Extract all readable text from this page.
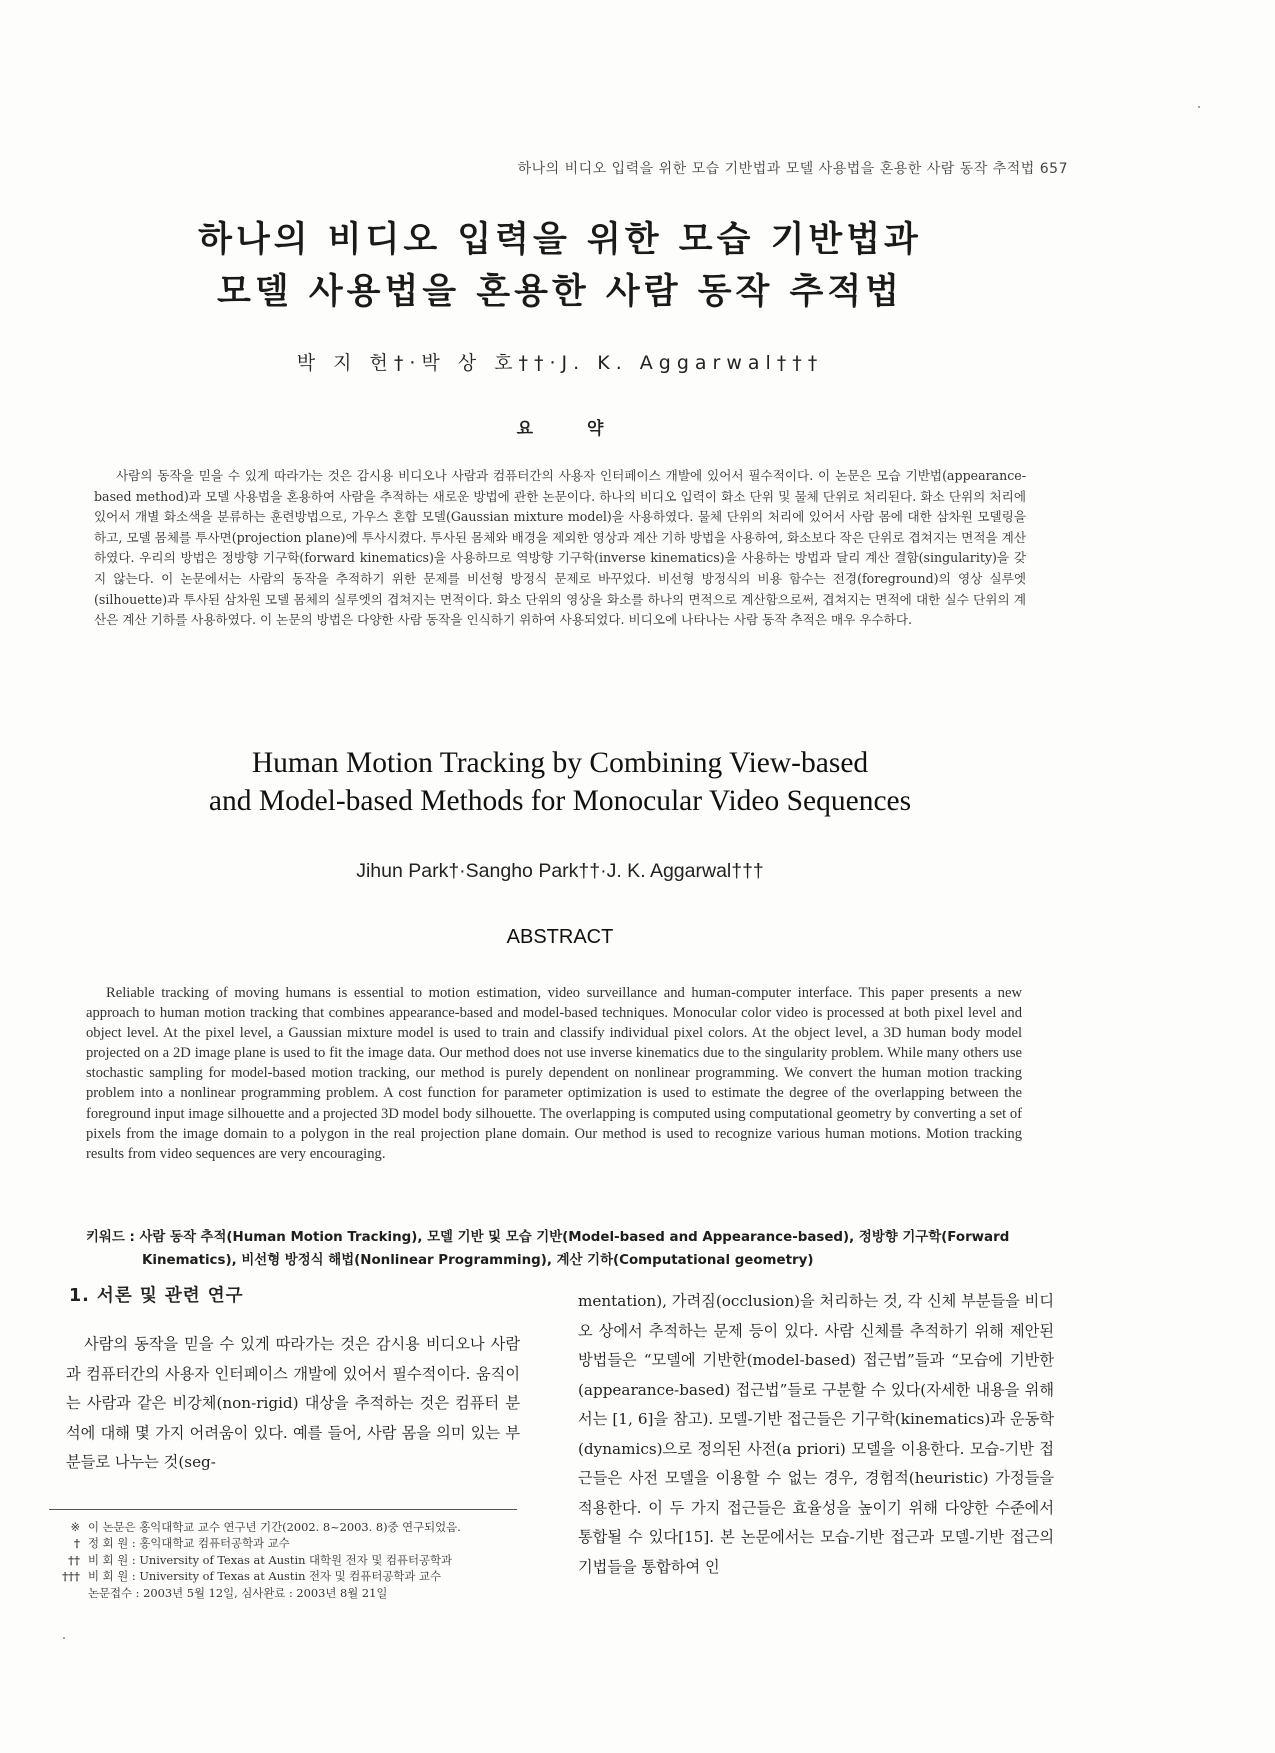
하나의 비디오 입력을 위한 모습 기반법과 모델 사용법을 혼용한 사람 동작 추적법 657
하나의 비디오 입력을 위한 모습 기반법과
모델 사용법을 혼용한 사람 동작 추적법
박 지 헌†·박 상 호††·J. K. Aggarwal†††
요약
사람의 동작을 믿을 수 있게 따라가는 것은 감시용 비디오나 사람과 컴퓨터간의 사용자 인터페이스 개발에 있어서 필수적이다. 이 논문은 모습 기반법(appearance-based method)과 모델 사용법을 혼용하여 사람을 추적하는 새로운 방법에 관한 논문이다. 하나의 비디오 입력이 화소 단위 및 물체 단위로 처리된다. 화소 단위의 처리에 있어서 개별 화소색을 분류하는 훈련방법으로, 가우스 혼합 모델(Gaussian mixture model)을 사용하였다. 물체 단위의 처리에 있어서 사람 몸에 대한 삼차원 모델링을 하고, 모델 몸체를 투사면(projection plane)에 투사시켰다. 투사된 몸체와 배경을 제외한 영상과 계산 기하 방법을 사용하여, 화소보다 작은 단위로 겹쳐지는 면적을 계산하였다. 우리의 방법은 정방향 기구학(forward kinematics)을 사용하므로 역방향 기구학(inverse kinematics)을 사용하는 방법과 달리 계산 결함(singularity)을 갖지 않는다. 이 논문에서는 사람의 동작을 추적하기 위한 문제를 비선형 방정식 문제로 바꾸었다. 비선형 방정식의 비용 함수는 전경(foreground)의 영상 실루엣(silhouette)과 투사된 삼차원 모델 몸체의 실루엣의 겹쳐지는 면적이다. 화소 단위의 영상을 화소를 하나의 면적으로 계산함으로써, 겹쳐지는 면적에 대한 실수 단위의 계산은 계산 기하를 사용하였다. 이 논문의 방법은 다양한 사람 동작을 인식하기 위하여 사용되었다. 비디오에 나타나는 사람 동작 추적은 매우 우수하다.
Human Motion Tracking by Combining View-based
and Model-based Methods for Monocular Video Sequences
Jihun Park†·Sangho Park††·J. K. Aggarwal†††
ABSTRACT
Reliable tracking of moving humans is essential to motion estimation, video surveillance and human-computer interface. This paper presents a new approach to human motion tracking that combines appearance-based and model-based techniques. Monocular color video is processed at both pixel level and object level. At the pixel level, a Gaussian mixture model is used to train and classify individual pixel colors. At the object level, a 3D human body model projected on a 2D image plane is used to fit the image data. Our method does not use inverse kinematics due to the singularity problem. While many others use stochastic sampling for model-based motion tracking, our method is purely dependent on nonlinear programming. We convert the human motion tracking problem into a nonlinear programming problem. A cost function for parameter optimization is used to estimate the degree of the overlapping between the foreground input image silhouette and a projected 3D model body silhouette. The overlapping is computed using computational geometry by converting a set of pixels from the image domain to a polygon in the real projection plane domain. Our method is used to recognize various human motions. Motion tracking results from video sequences are very encouraging.
키워드 : 사람 동작 추적(Human Motion Tracking), 모델 기반 및 모습 기반(Model-based and Appearance-based), 정방향 기구학(Forward Kinematics), 비선형 방정식 해법(Nonlinear Programming), 계산 기하(Computational geometry)
1. 서론 및 관련 연구

사람의 동작을 믿을 수 있게 따라가는 것은 감시용 비디오나 사람과 컴퓨터간의 사용자 인터페이스 개발에 있어서 필수적이다. 움직이는 사람과 같은 비강체(non-rigid) 대상을 추적하는 것은 컴퓨터 분석에 대해 몇 가지 어려움이 있다. 예를 들어, 사람 몸을 의미 있는 부분들로 나누는 것(seg-

mentation), 가려짐(occlusion)을 처리하는 것, 각 신체 부분들을 비디오 상에서 추적하는 문제 등이 있다. 사람 신체를 추적하기 위해 제안된 방법들은 “모델에 기반한(model-based) 접근법”들과 “모습에 기반한(appearance-based) 접근법”들로 구분할 수 있다(자세한 내용을 위해서는 [1, 6]을 참고). 모델-기반 접근들은 기구학(kinematics)과 운동학(dynamics)으로 정의된 사전(a priori) 모델을 이용한다. 모습-기반 접근들은 사전 모델을 이용할 수 없는 경우, 경험적(heuristic) 가정들을 적용한다. 이 두 가지 접근들은 효율성을 높이기 위해 다양한 수준에서 통합될 수 있다[15]. 본 논문에서는 모습-기반 접근과 모델-기반 접근의 기법들을 통합하여 인

※ 이 논문은 홍익대학교 교수 연구년 기간(2002. 8~2003. 8)중 연구되었음.
† 정 회 원 : 홍익대학교 컴퓨터공학과 교수
†† 비 회 원 : University of Texas at Austin 대학원 전자 및 컴퓨터공학과
††† 비 회 원 : University of Texas at Austin 전자 및 컴퓨터공학과 교수
논문접수 : 2003년 5월 12일, 심사완료 : 2003년 8월 21일
